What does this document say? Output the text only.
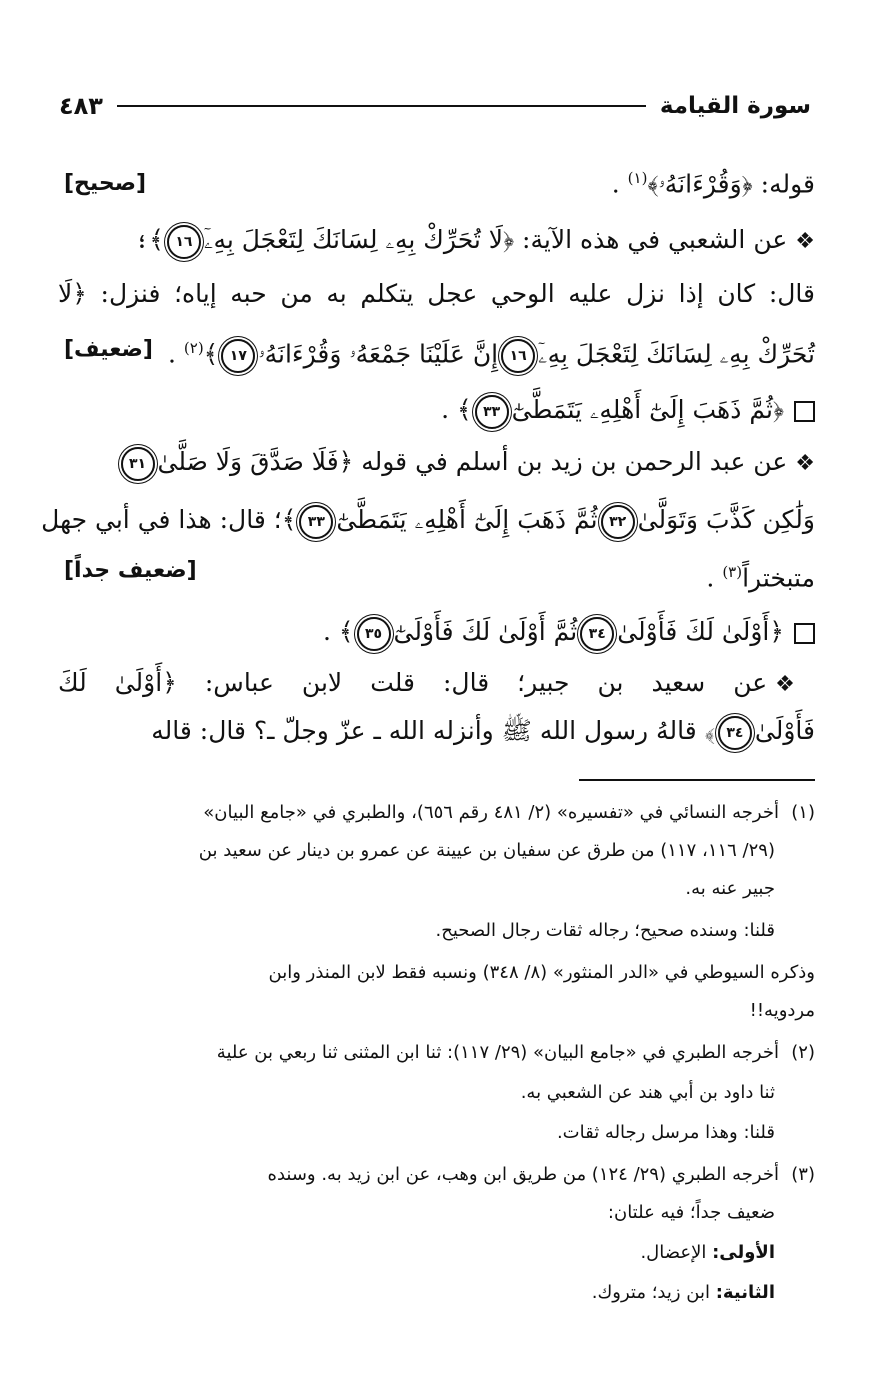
سورة القيامة
٤٨٣
قوله: ﴿وَقُرْءَانَهُۥ﴾$^{(١)}$ .
[صحيح]
❖عن الشعبي في هذه الآية: ﴿لَا تُحَرِّكْ بِهِۦ لِسَانَكَ لِتَعْجَلَ بِهِۦٓ١٦﴾؛
قال: كان إذا نزل عليه الوحي عجل يتكلم به من حبه إياه؛ فنزل: ﴿لَا
تُحَرِّكْ بِهِۦ لِسَانَكَ لِتَعْجَلَ بِهِۦٓ١٦إِنَّ عَلَيْنَا جَمْعَهُۥ وَقُرْءَانَهُۥ١٧﴾$^{(٢)}$ .
[ضعيف]
﴿ثُمَّ ذَهَبَ إِلَىٰٓ أَهْلِهِۦ يَتَمَطَّىٰٓ٣٣﴾ .
❖عن عبد الرحمن بن زيد بن أسلم في قوله ﴿فَلَا صَدَّقَ وَلَا صَلَّىٰ٣١
وَلَٰكِن كَذَّبَ وَتَوَلَّىٰ٣٢ثُمَّ ذَهَبَ إِلَىٰٓ أَهْلِهِۦ يَتَمَطَّىٰٓ٣٣﴾؛ قال: هذا في أبي جهل
متبختراً$^{(٣)}$ .
[ضعيف جداً]
﴿أَوْلَىٰ لَكَ فَأَوْلَىٰ٣٤ثُمَّ أَوْلَىٰ لَكَ فَأَوْلَىٰٓ٣٥﴾ .
❖عن سعيد بن جبير؛ قال: قلت لابن عباس: ﴿أَوْلَىٰ لَكَ
فَأَوْلَىٰ٣٤﴾ قالهُ رسول الله ﷺ وأنزله الله ـ عزّ وجلّ ـ؟ قال: قاله
(١)أخرجه النسائي في «تفسيره» (٢/ ٤٨١ رقم ٦٥٦)، والطبري في «جامع البيان»
(٢٩/ ١١٦، ١١٧) من طرق عن سفيان بن عيينة عن عمرو بن دينار عن سعيد بن
جبير عنه به.
قلنا: وسنده صحيح؛ رجاله ثقات رجال الصحيح.
وذكره السيوطي في «الدر المنثور» (٨/ ٣٤٨) ونسبه فقط لابن المنذر وابن
مردويه!!
(٢)أخرجه الطبري في «جامع البيان» (٢٩/ ١١٧): ثنا ابن المثنى ثنا ربعي بن علية
ثنا داود بن أبي هند عن الشعبي به.
قلنا: وهذا مرسل رجاله ثقات.
(٣)أخرجه الطبري (٢٩/ ١٢٤) من طريق ابن وهب، عن ابن زيد به. وسنده
ضعيف جداً؛ فيه علتان:
الأولى: الإعضال.
الثانية: ابن زيد؛ متروك.
